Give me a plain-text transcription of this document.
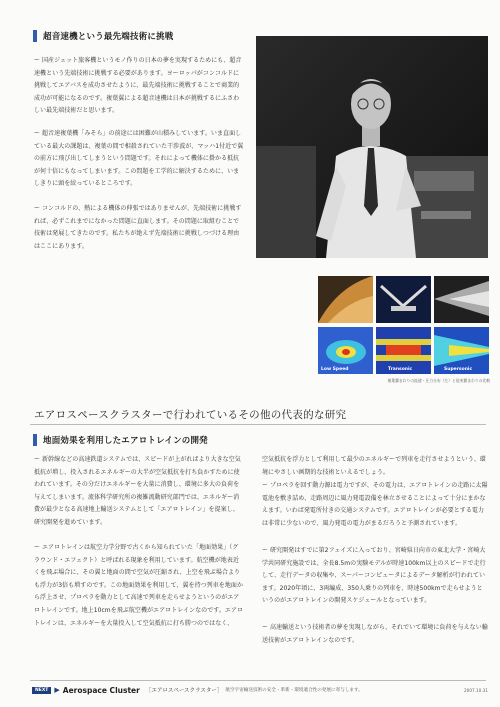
超音速機という最先端技術に挑戦
ー 国産ジェット旅客機というモノ作りの日本の夢を実現するためにも、超音速機という先端技術に挑戦する必要があります。ヨーロッパがコンコルドに挑戦してエアバスを成功させたように、最先端技術に挑戦することで商業的成功が可能になるのです。複葉翼による超音速機は日本が挑戦するにふさわしい最先端技術だと思います。
ー 超音速複葉機「みそら」の前途には困難が山積みしています。いま直面している最大の課題は、複葉の間で相殺されていた干渉波が、マッハ1付近で翼の前方に飛び出してしまうという問題です。それによって機体に掛かる抵抗が何十倍にもなってしまいます。この問題を工学的に解決するために、いましきりに頭を絞っているところです。
ー コンコルドの、熱による機体の伸張ではありませんが、先端技術に挑戦すれば、必ずこれまでになかった問題に直面します。その問題に取組むことで技術は発展してきたのです。私たちが絶えず先端技術に挑戦しつづける理由はここにあります。
Low Speed	Transonic	Supersonic
複葉翼まわりの流速・圧力分布（左）と従来翼まわりの比較
エアロスペースクラスターで行われているその他の代表的な研究
地面効果を利用したエアロトレインの開発
ー 新幹線などの高速鉄道システムでは、スピードが上がればより大きな空気抵抗が増し、投入されるエネルギーの大半が空気抵抗を打ち負かすために使われています。その分だけエネルギーを大量に消費し、環境に多大の負荷を与えてしまいます。流体科学研究所の複雑流動研究部門では、エネルギー消費が最少となる高速地上輸送システムとして「エアロトレイン」を提案し、研究開発を進めています。
ー エアロトレインは航空力学分野で古くから知られていた「地面効果」（グラウンド・エフェクト）と呼ばれる現象を利用しています。航空機が地表近くを飛ぶ場合に、その翼と地面の間で空気が圧縮され、上空を飛ぶ場合よりも浮力が3倍も増すのです。この地面効果を利用して、翼を持つ列車を地面から浮上させ、プロペラを動力として高速で列車を走らせようというのがエアロトレインです。地上10cmを飛ぶ航空機がエアロトレインなのです。エアロトレインは、エネルギーを大量投入して空気抵抗に打ち勝つのではなく、
空気抵抗を浮力として利用して最少のエネルギーで列車を走行させようという、環境にやさしい画期的な技術といえるでしょう。
ー プロペラを回す動力源は電力ですが、その電力は、エアロトレインの走路に太陽電池を敷き詰め、走路周辺に風力発電設備を林立させることによって十分にまかなえます。いわば発電所付きの交通システムです。エアロトレインが必要とする電力は非常に少ないので、風力発電の電力がまるだろうと予測されています。
ー 研究開発はすでに第2フェイズに入っており、宮崎県日向市の東北大学・宮崎大学共同研究施設では、全長8.5mの実験モデルが時速100km以上のスピードで走行して、走行データの収集や、スーパーコンピュータによるデータ解析が行われています。2020年頃に、3両編成、350人乗りの列車を、時速500kmで走らせようというのがエアロトレインの開発スケジュールとなっています。
ー 高速輸送という技術者の夢を実現しながら、それでいて環境に負荷を与えない輸送技術がエアロトレインなのです。
NEXT ▶ Aerospace Cluster ［エアロスペースクラスター］ 航空宇宙輸送技術の安全・革新・環境適合性の発展に寄与します。	2007.10.31
